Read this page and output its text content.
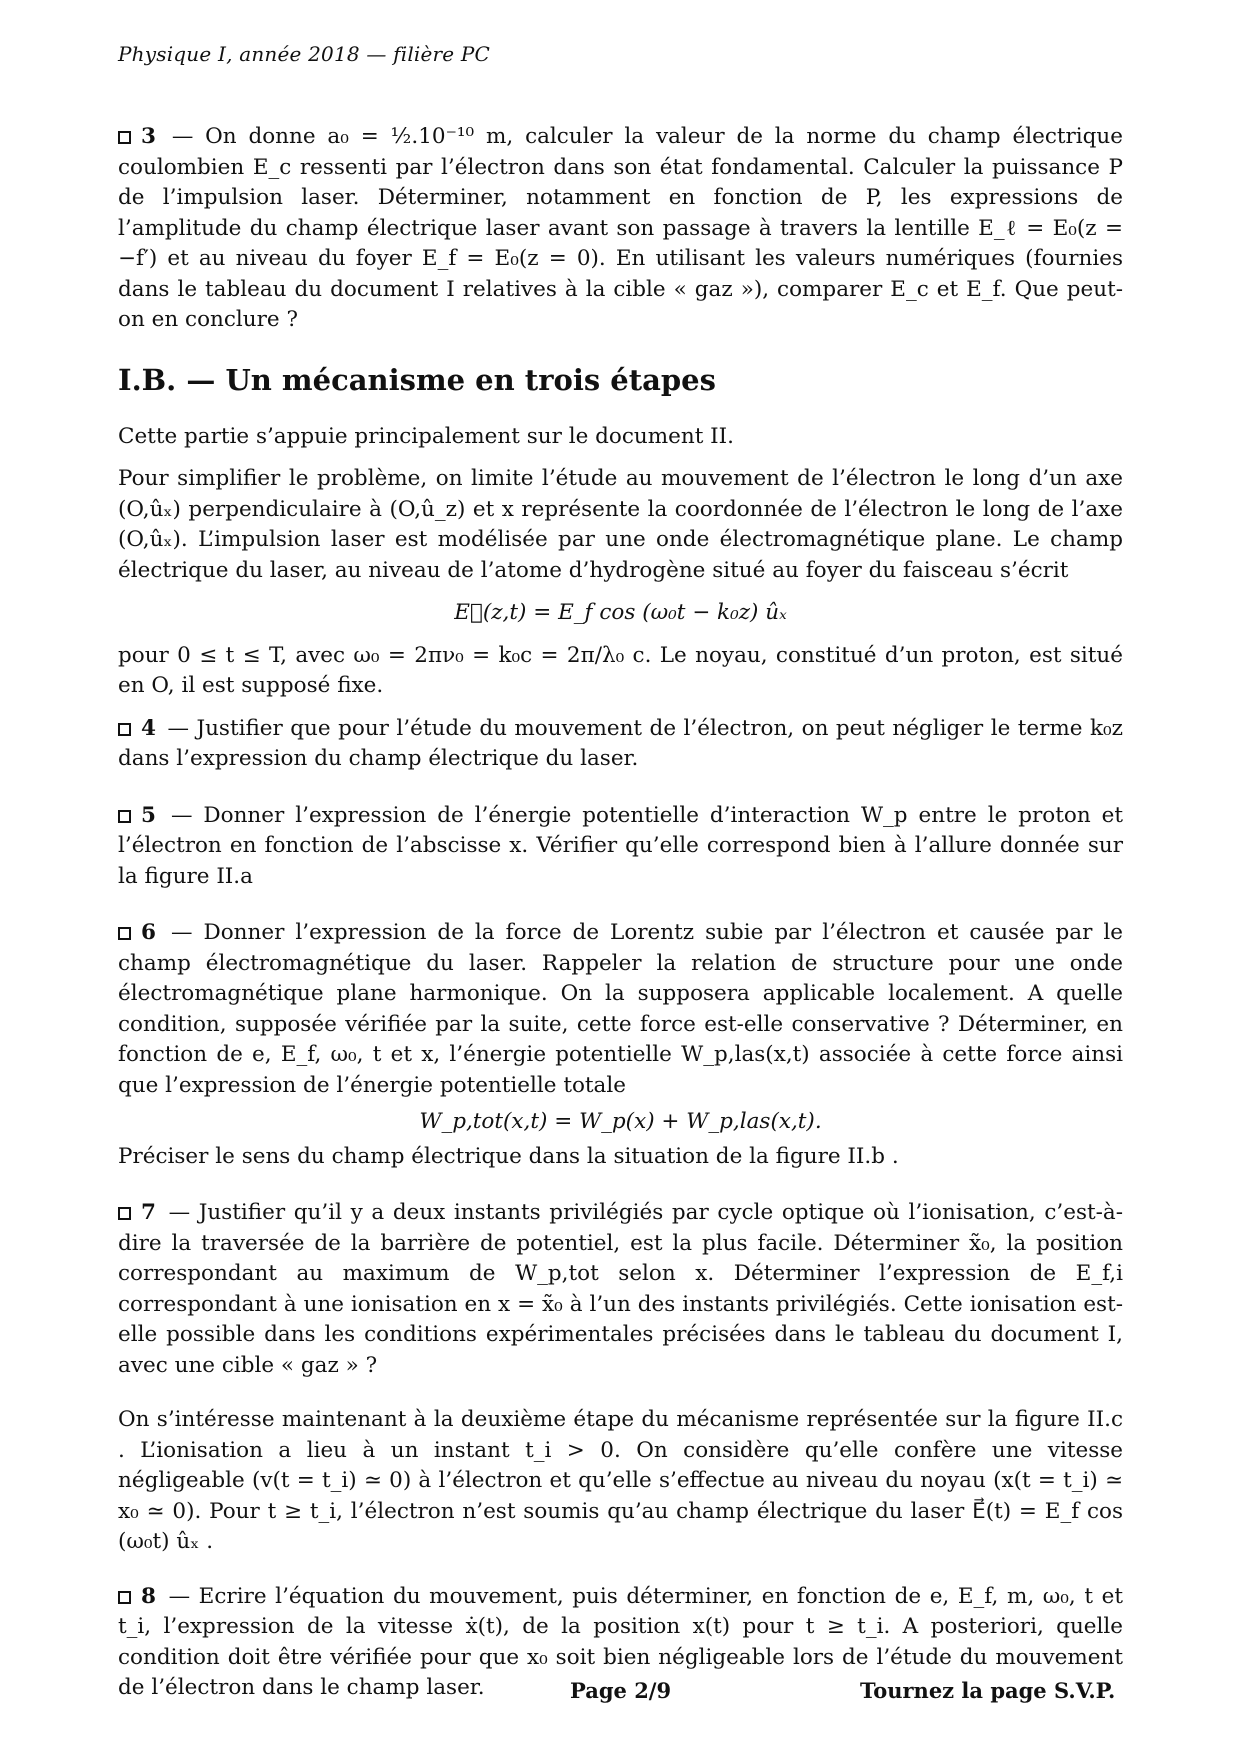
Physique I, année 2018 — filière PC

3 — On donne a₀ = ½.10⁻¹⁰ m, calculer la valeur de la norme du champ électrique coulombien E_c ressenti par l’électron dans son état fondamental. Calculer la puissance P de l’impulsion laser. Déterminer, notamment en fonction de P, les expressions de l’amplitude du champ électrique laser avant son passage à travers la lentille E_ℓ = E₀(z = −f′) et au niveau du foyer E_f = E₀(z = 0). En utilisant les valeurs numériques (fournies dans le tableau du document I relatives à la cible « gaz »), comparer E_c et E_f. Que peut-on en conclure ?

I.B. — Un mécanisme en trois étapes

Cette partie s’appuie principalement sur le document II.

Pour simplifier le problème, on limite l’étude au mouvement de l’électron le long d’un axe (O,ûₓ) perpendiculaire à (O,û_z) et x représente la coordonnée de l’électron le long de l’axe (O,ûₓ). L’impulsion laser est modélisée par une onde électromagnétique plane. Le champ électrique du laser, au niveau de l’atome d’hydrogène situé au foyer du faisceau s’écrit

E⃗(z,t) = E_f cos (ω₀t − k₀z) ûₓ

pour 0 ≤ t ≤ T, avec ω₀ = 2πν₀ = k₀c = 2π/λ₀ c. Le noyau, constitué d’un proton, est situé en O, il est supposé fixe.

4 — Justifier que pour l’étude du mouvement de l’électron, on peut négliger le terme k₀z dans l’expression du champ électrique du laser.

5 — Donner l’expression de l’énergie potentielle d’interaction W_p entre le proton et l’électron en fonction de l’abscisse x. Vérifier qu’elle correspond bien à l’allure donnée sur la figure II.a

6 — Donner l’expression de la force de Lorentz subie par l’électron et causée par le champ électromagnétique du laser. Rappeler la relation de structure pour une onde électromagnétique plane harmonique. On la supposera applicable localement. A quelle condition, supposée vérifiée par la suite, cette force est-elle conservative ? Déterminer, en fonction de e, E_f, ω₀, t et x, l’énergie potentielle W_p,las(x,t) associée à cette force ainsi que l’expression de l’énergie potentielle totale

W_p,tot(x,t) = W_p(x) + W_p,las(x,t).

Préciser le sens du champ électrique dans la situation de la figure II.b .

7 — Justifier qu’il y a deux instants privilégiés par cycle optique où l’ionisation, c’est-à-dire la traversée de la barrière de potentiel, est la plus facile. Déterminer x̃₀, la position correspondant au maximum de W_p,tot selon x. Déterminer l’expression de E_f,i correspondant à une ionisation en x = x̃₀ à l’un des instants privilégiés. Cette ionisation est-elle possible dans les conditions expérimentales précisées dans le tableau du document I, avec une cible « gaz » ?

On s’intéresse maintenant à la deuxième étape du mécanisme représentée sur la figure II.c . L’ionisation a lieu à un instant t_i > 0. On considère qu’elle confère une vitesse négligeable (v(t = t_i) ≃ 0) à l’électron et qu’elle s’effectue au niveau du noyau (x(t = t_i) ≃ x₀ ≃ 0). Pour t ≥ t_i, l’électron n’est soumis qu’au champ électrique du laser E⃗(t) = E_f cos (ω₀t) ûₓ .

8 — Ecrire l’équation du mouvement, puis déterminer, en fonction de e, E_f, m, ω₀, t et t_i, l’expression de la vitesse ẋ(t), de la position x(t) pour t ≥ t_i. A posteriori, quelle condition doit être vérifiée pour que x₀ soit bien négligeable lors de l’étude du mouvement de l’électron dans le champ laser.	Page 2/9	Tournez la page S.V.P.
